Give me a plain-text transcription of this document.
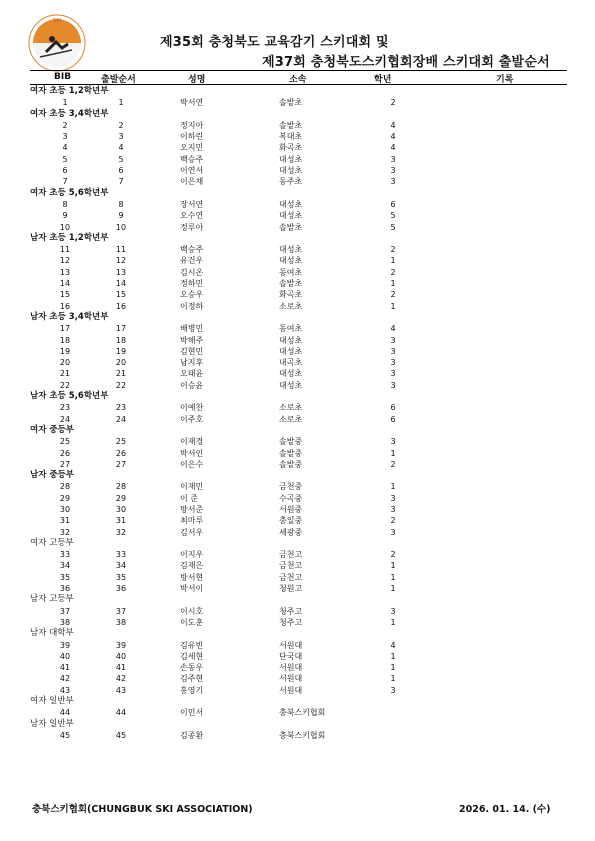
SKI
제35회 충청북도 교육감기 스키대회 및
제37회 충청북도스키협회장배 스키대회 출발순서
BIB	출발순서	성명	소속	학년	기록
여자 초등 1,2학년부
1	1	박서연	솔밭초	2
여자 초등 3,4학년부
2	2	정지아	솔밭초	4
3	3	이하린	복대초	4
4	4	오지민	화곡초	4
5	5	백승주	대성초	3
6	6	이연서	대성초	3
7	7	이은채	동주초	3
여자 초등 5,6학년부
8	8	장서연	대성초	6
9	9	오수연	대성초	5
10	10	정루아	솔밭초	5
남자 초등 1,2학년부
11	11	백승주	대성초	2
12	12	유건우	대성초	1
13	13	김시온	동여초	2
14	14	정하민	솔밭초	1
15	15	오승우	화곡초	2
16	16	이정하	소로초	1
남자 초등 3,4학년부
17	17	배병민	동여초	4
18	18	박해주	대성초	3
19	19	김현민	대성초	3
20	20	남지후	내곡초	3
21	21	오태윤	대성초	3
22	22	이승윤	대성초	3
남자 초등 5,6학년부
23	23	이예찬	소로초	6
24	24	이주호	소로초	6
여자 중등부
25	25	이재경	솔밭중	3
26	26	박서인	솔밭중	1
27	27	이은수	솔밭중	2
남자 중등부
28	28	이재민	금천중	1
29	29	이 준	수곡중	3
30	30	방서준	서원중	3
31	31	최마루	충일중	2
32	32	김서우	세광중	3
여자 고등부
33	33	이지우	금천고	2
34	34	김재은	금천고	1
35	35	방서현	금천고	1
36	36	박서이	청원고	1
남자 고등부
37	37	이시호	청주고	3
38	38	이도훈	청주고	1
남자 대학부
39	39	김유빈	서원대	4
40	40	김세현	단국대	1
41	41	손동우	서원대	1
42	42	김주현	서원대	1
43	43	홍영기	서원대	3
여자 일반부
44	44	이민서	충북스키협회
남자 일반부
45	45	김종환	충북스키협회
충북스키협회(CHUNGBUK SKI ASSOCIATION)	2026. 01. 14. (수)
